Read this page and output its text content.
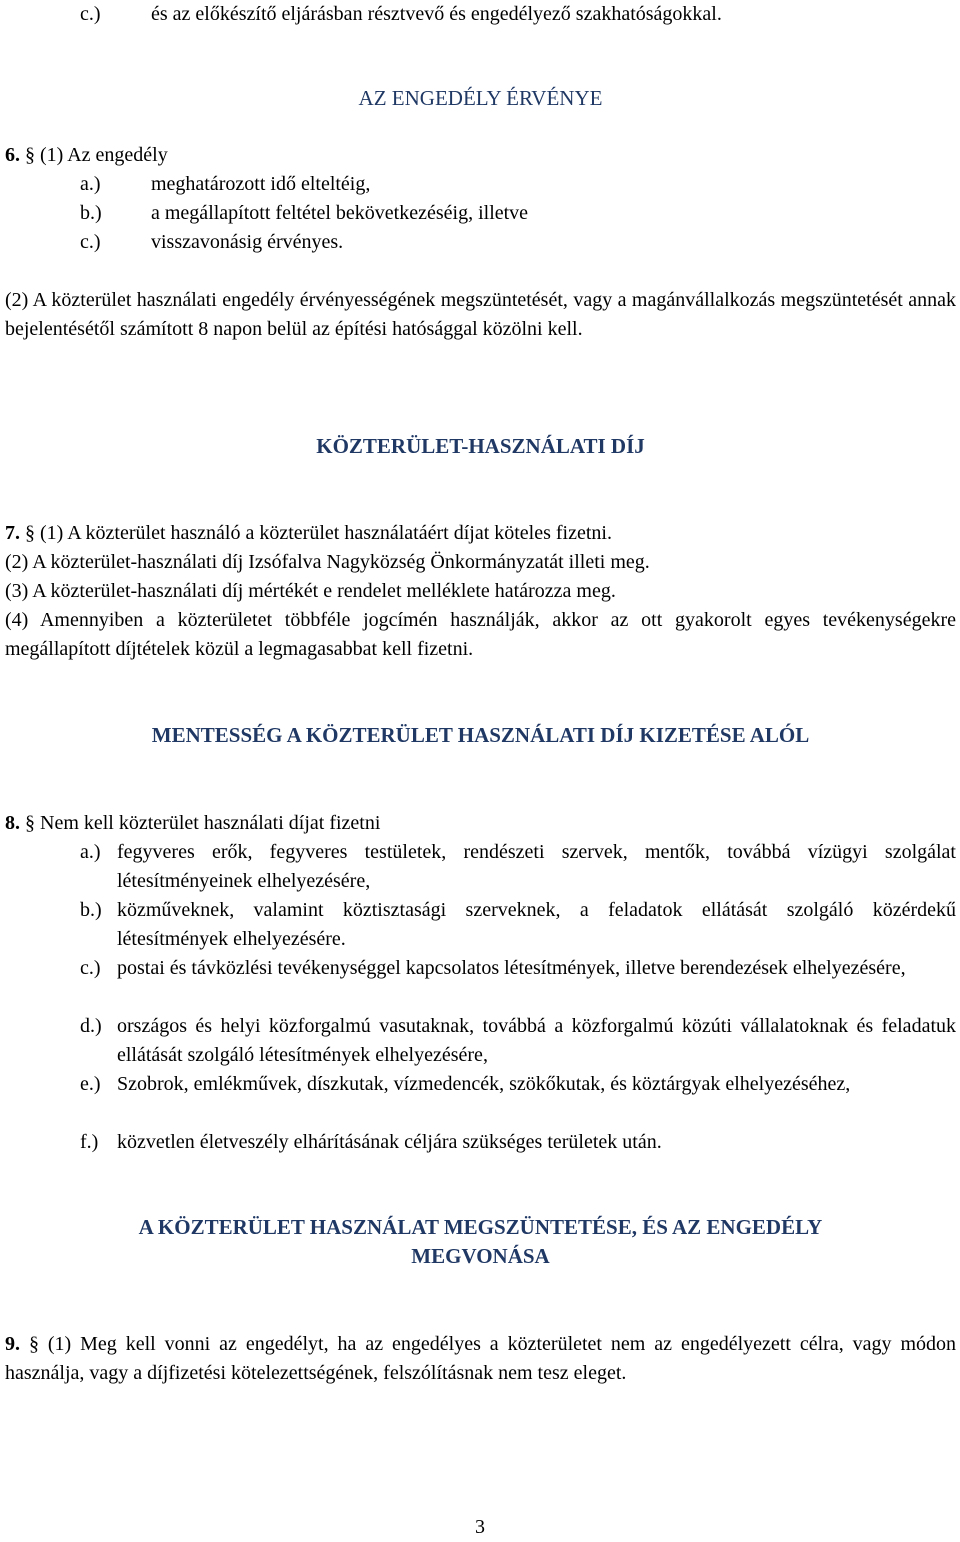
c.)	és az előkészítő eljárásban résztvevő és engedélyező szakhatóságokkal.
AZ ENGEDÉLY ÉRVÉNYE
6. § (1) Az engedély
a.)	meghatározott idő elteltéig,
b.)	a megállapított feltétel bekövetkezéséig, illetve
c.)	visszavonásig érvényes.
(2) A közterület használati engedély érvényességének megszüntetését, vagy a magánvállalkozás megszüntetését annak bejelentésétől számított 8 napon belül az építési hatósággal közölni kell.
KÖZTERÜLET-HASZNÁLATI DÍJ
7. § (1) A közterület használó a közterület használatáért díjat köteles fizetni.
(2) A közterület-használati díj Izsófalva Nagyközség Önkormányzatát illeti meg.
(3) A közterület-használati díj mértékét e rendelet melléklete határozza meg.
(4) Amennyiben a közterületet többféle jogcímén használják, akkor az ott gyakorolt egyes tevékenységekre megállapított díjtételek közül a legmagasabbat kell fizetni.
MENTESSÉG A KÖZTERÜLET HASZNÁLATI DÍJ KIZETÉSE ALÓL
8. § Nem kell közterület használati díjat fizetni
a.) fegyveres erők, fegyveres testületek, rendészeti szervek, mentők, továbbá vízügyi szolgálat létesítményeinek elhelyezésére,
b.) közműveknek, valamint köztisztasági szerveknek, a feladatok ellátását szolgáló közérdekű létesítmények elhelyezésére.
c.) postai és távközlési tevékenységgel kapcsolatos létesítmények, illetve berendezések elhelyezésére,
d.) országos és helyi közforgalmú vasutaknak, továbbá a közforgalmú közúti vállalatoknak és feladatuk ellátását szolgáló létesítmények elhelyezésére,
e.) Szobrok, emlékművek, díszkutak, vízmedencék, szökőkutak, és köztárgyak elhelyezéséhez,
f.) közvetlen életveszély elhárításának céljára szükséges területek után.
A KÖZTERÜLET HASZNÁLAT MEGSZÜNTETÉSE, ÉS AZ ENGEDÉLY
MEGVONÁSA
9. § (1) Meg kell vonni az engedélyt, ha az engedélyes a közterületet nem az engedélyezett célra, vagy módon használja, vagy a díjfizetési kötelezettségének, felszólításnak nem tesz eleget.
3
